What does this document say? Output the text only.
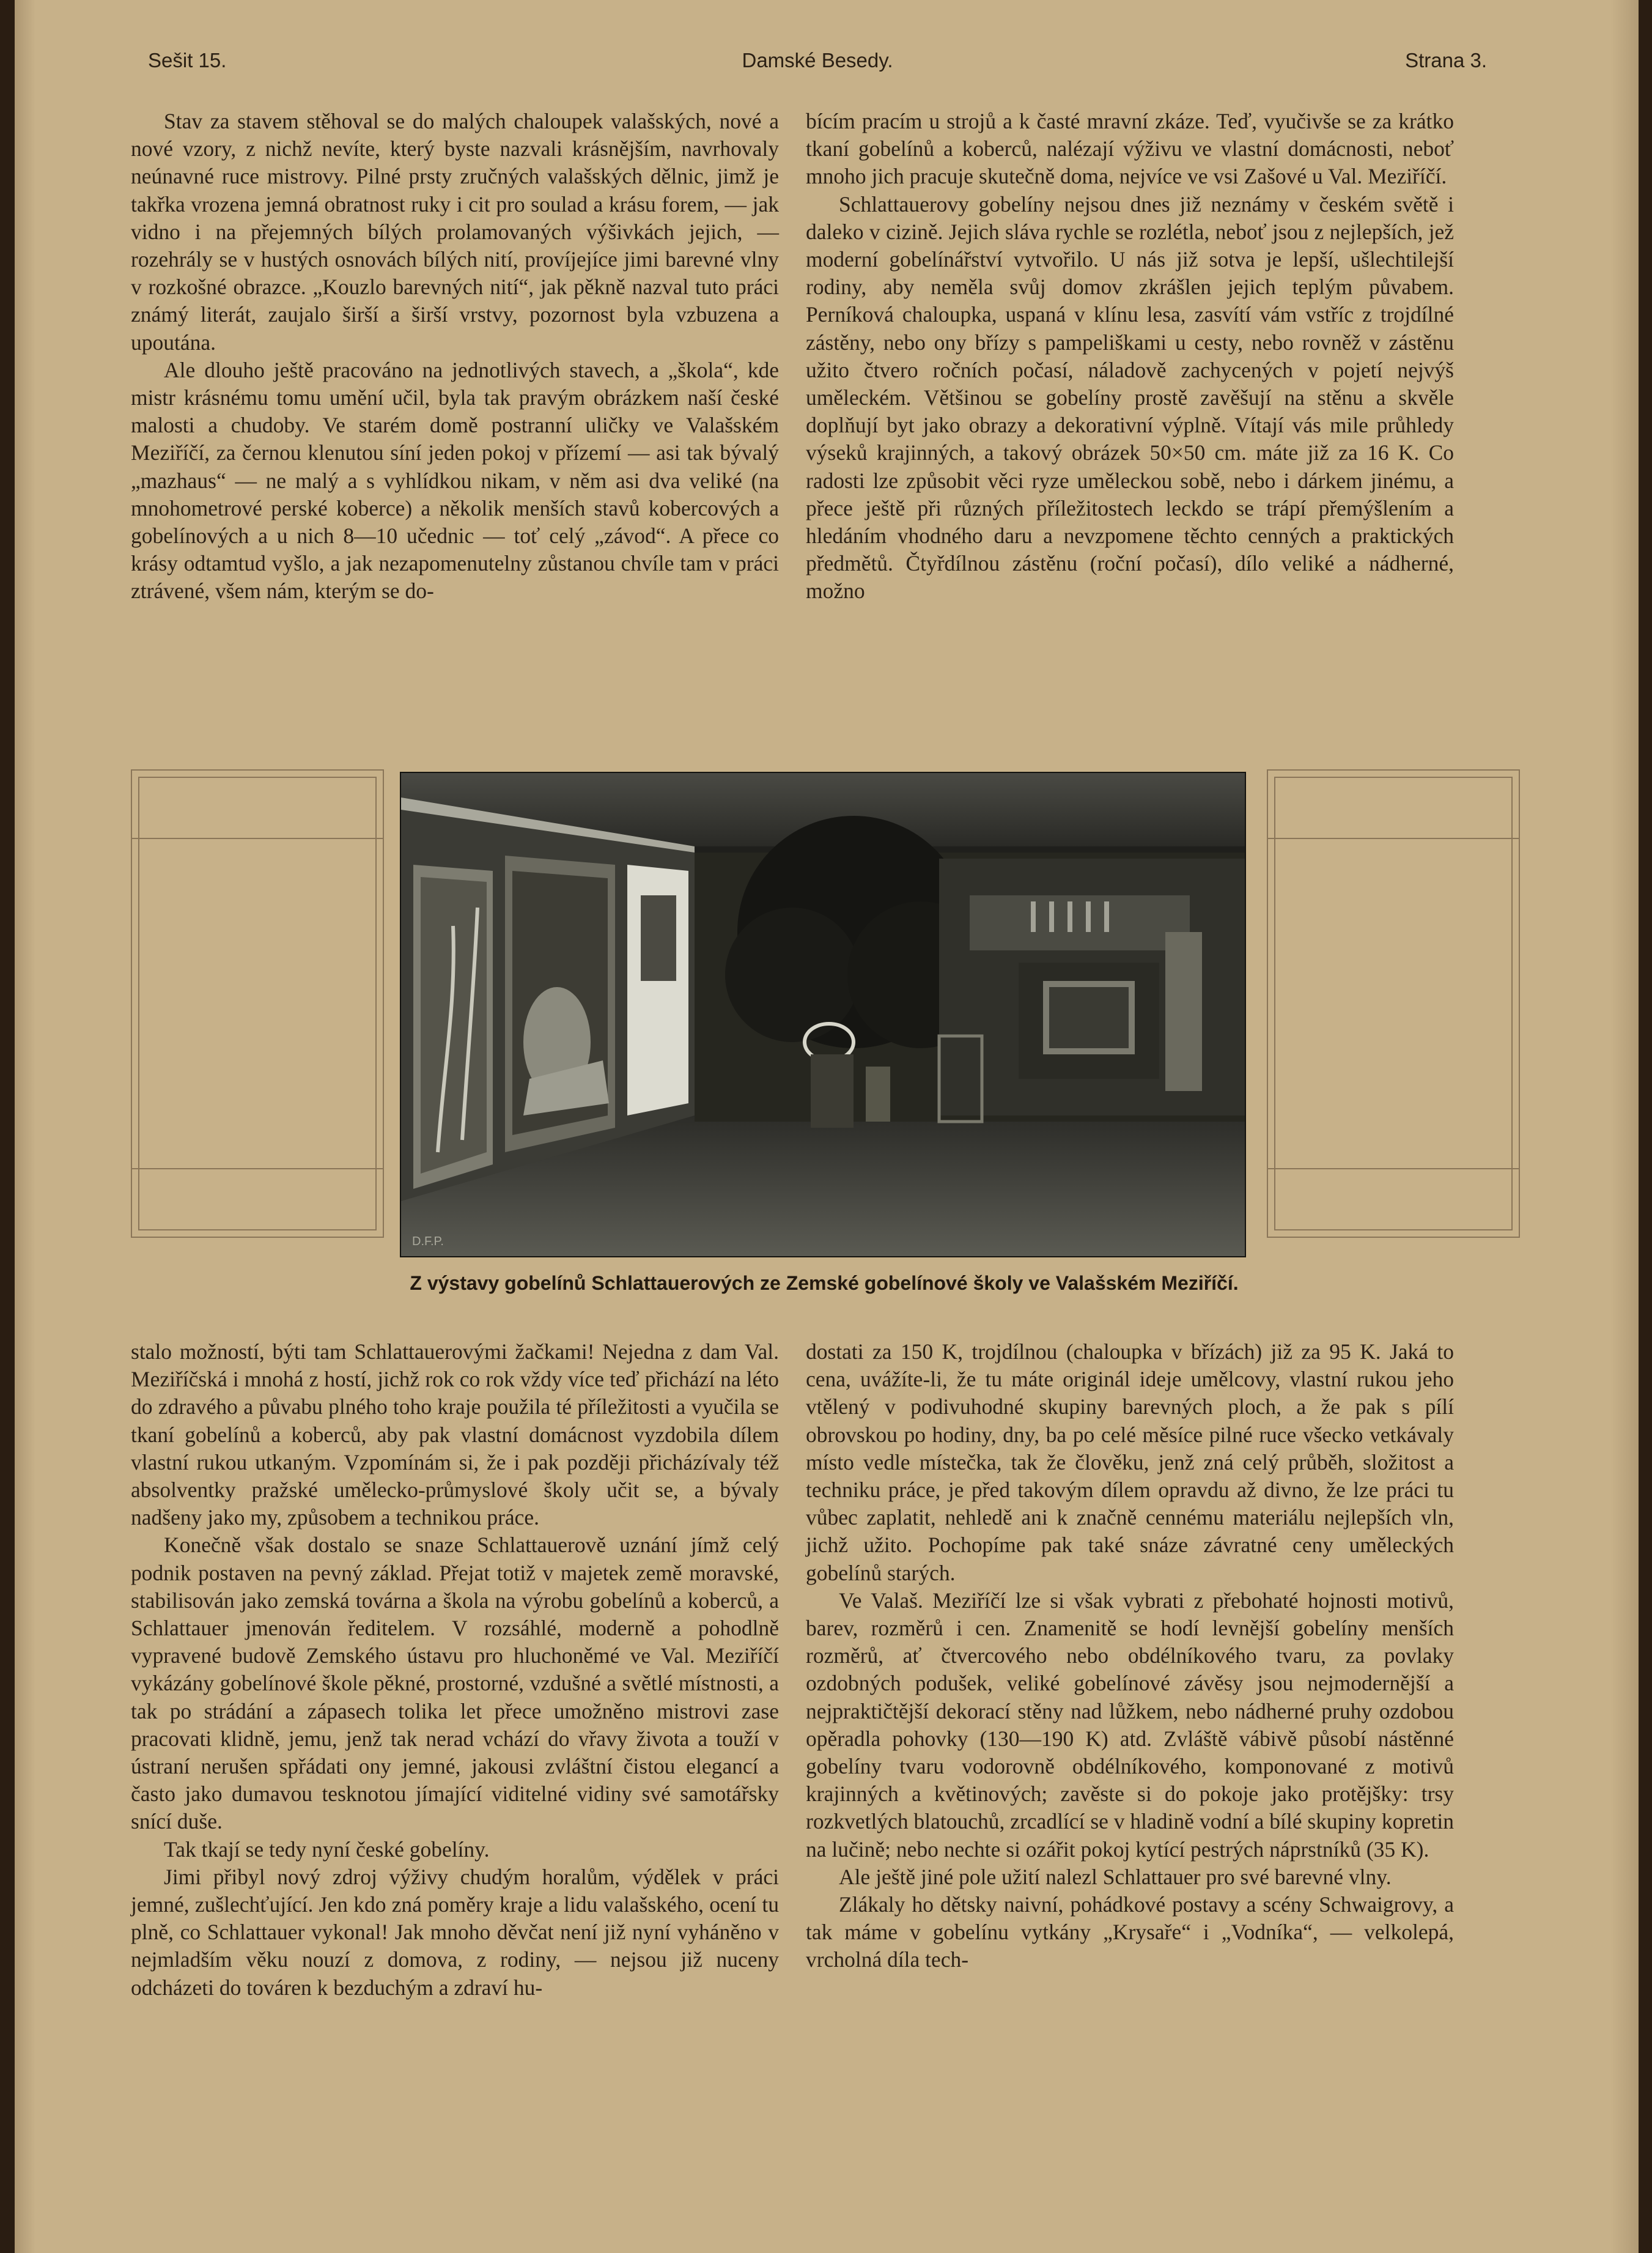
Sešit 15.	Damské Besedy.	Strana 3.

Stav za stavem stěhoval se do malých chaloupek valašských, nové a nové vzory, z nichž nevíte, který byste nazvali krásnějším, navrhovaly neúnavné ruce mistrovy. Pilné prsty zručných valašských dělnic, jimž je takřka vrozena jemná obratnost ruky i cit pro soulad a krásu forem, — jak vidno i na přejemných bílých prolamovaných výšivkách jejich, — rozehrály se v hustých osnovách bílých nití, províjejíce jimi barevné vlny v rozkošné obrazce. „Kouzlo barevných nití“, jak pěkně nazval tuto práci známý literát, zaujalo širší a širší vrstvy, pozornost byla vzbuzena a upoutána.

Ale dlouho ještě pracováno na jednotlivých stavech, a „škola“, kde mistr krásnému tomu umění učil, byla tak pravým obrázkem naší české malosti a chudoby. Ve starém domě postranní uličky ve Valašském Meziříčí, za černou klenutou síní jeden pokoj v přízemí — asi tak bývalý „mazhaus“ — ne malý a s vyhlídkou nikam, v něm asi dva veliké (na mnohometrové perské koberce) a několik menších stavů kobercových a gobelínových a u nich 8—10 učednic — toť celý „závod“. A přece co krásy odtamtud vyšlo, a jak nezapomenutelny zůstanou chvíle tam v práci ztrávené, všem nám, kterým se do-

bícím pracím u strojů a k časté mravní zkáze. Teď, vyučivše se za krátko tkaní gobelínů a koberců, nalézají výživu ve vlastní domácnosti, neboť mnoho jich pracuje skutečně doma, nejvíce ve vsi Zašové u Val. Meziříčí.

Schlattauerovy gobelíny nejsou dnes již neznámy v českém světě i daleko v cizině. Jejich sláva rychle se rozlétla, neboť jsou z nejlepších, jež moderní gobelínářství vytvořilo. U nás již sotva je lepší, ušlechtilejší rodiny, aby neměla svůj domov zkrášlen jejich teplým půvabem. Perníková chaloupka, uspaná v klínu lesa, zasvítí vám vstříc z trojdílné zástěny, nebo ony břízy s pampeliškami u cesty, nebo rovněž v zástěnu užito čtvero ročních počasí, náladově zachycených v pojetí nejvýš uměleckém. Většinou se gobelíny prostě zavěšují na stěnu a skvěle doplňují byt jako obrazy a dekorativní výplně. Vítají vás mile průhledy výseků krajinných, a takový obrázek 50×50 cm. máte již za 16 K. Co radosti lze způsobit věci ryze uměleckou sobě, nebo i dárkem jinému, a přece ještě při různých příležitostech leckdo se trápí přemýšlením a hledáním vhodného daru a nevzpomene těchto cenných a praktických předmětů. Čtyřdílnou zástěnu (roční počasí), dílo veliké a nádherné, možno

D.F.P.
Z výstavy gobelínů Schlattauerových ze Zemské gobelínové školy ve Valašském Meziříčí.

stalo možností, býti tam Schlattauerovými žačkami! Nejedna z dam Val. Meziříčská i mnohá z hostí, jichž rok co rok vždy více teď přichází na léto do zdravého a půvabu plného toho kraje použila té příležitosti a vyučila se tkaní gobelínů a koberců, aby pak vlastní domácnost vyzdobila dílem vlastní rukou utkaným. Vzpomínám si, že i pak později přicházívaly též absolventky pražské umělecko-průmyslové školy učit se, a bývaly nadšeny jako my, způsobem a technikou práce.

Konečně však dostalo se snaze Schlattauerově uznání jímž celý podnik postaven na pevný základ. Přejat totiž v majetek země moravské, stabilisován jako zemská továrna a škola na výrobu gobelínů a koberců, a Schlattauer jmenován ředitelem. V rozsáhlé, moderně a pohodlně vypravené budově Zemského ústavu pro hluchoněmé ve Val. Meziříčí vykázány gobelínové škole pěkné, prostorné, vzdušné a světlé místnosti, a tak po strádání a zápasech tolika let přece umožněno mistrovi zase pracovati klidně, jemu, jenž tak nerad vchází do vřavy života a touží v ústraní nerušen spřádati ony jemné, jakousi zvláštní čistou elegancí a často jako dumavou tesknotou jímající viditelné vidiny své samotářsky snící duše.

Tak tkají se tedy nyní české gobelíny.

Jimi přibyl nový zdroj výživy chudým horalům, výdělek v práci jemné, zušlechťující. Jen kdo zná poměry kraje a lidu valašského, ocení tu plně, co Schlattauer vykonal! Jak mnoho děvčat není již nyní vyháněno v nejmladším věku nouzí z domova, z rodiny, — nejsou již nuceny odcházeti do továren k bezduchým a zdraví hu-

dostati za 150 K, trojdílnou (chaloupka v břízách) již za 95 K. Jaká to cena, uvážíte-li, že tu máte originál ideje umělcovy, vlastní rukou jeho vtělený v podivuhodné skupiny barevných ploch, a že pak s pílí obrovskou po hodiny, dny, ba po celé měsíce pilné ruce všecko vetkávaly místo vedle místečka, tak že člověku, jenž zná celý průběh, složitost a techniku práce, je před takovým dílem opravdu až divno, že lze práci tu vůbec zaplatit, nehledě ani k značně cennému materiálu nejlepších vln, jichž užito. Pochopíme pak také snáze závratné ceny uměleckých gobelínů starých.

Ve Valaš. Meziříčí lze si však vybrati z přebohaté hojnosti motivů, barev, rozměrů i cen. Znamenitě se hodí levnější gobelíny menších rozměrů, ať čtvercového nebo obdélníkového tvaru, za povlaky ozdobných podušek, veliké gobelínové závěsy jsou nejmodernější a nejpraktičtější dekorací stěny nad lůžkem, nebo nádherné pruhy ozdobou opěradla pohovky (130—190 K) atd. Zvláště vábivě působí nástěnné gobelíny tvaru vodorovně obdélníkového, komponované z motivů krajinných a květinových; zavěste si do pokoje jako protějšky: trsy rozkvetlých blatouchů, zrcadlící se v hladině vodní a bílé skupiny kopretin na lučině; nebo nechte si ozářit pokoj kytící pestrých náprstníků (35 K).

Ale ještě jiné pole užití nalezl Schlattauer pro své barevné vlny.

Zlákaly ho dětsky naivní, pohádkové postavy a scény Schwaigrovy, a tak máme v gobelínu vytkány „Krysaře“ i „Vodníka“, — velkolepá, vrcholná díla tech-
